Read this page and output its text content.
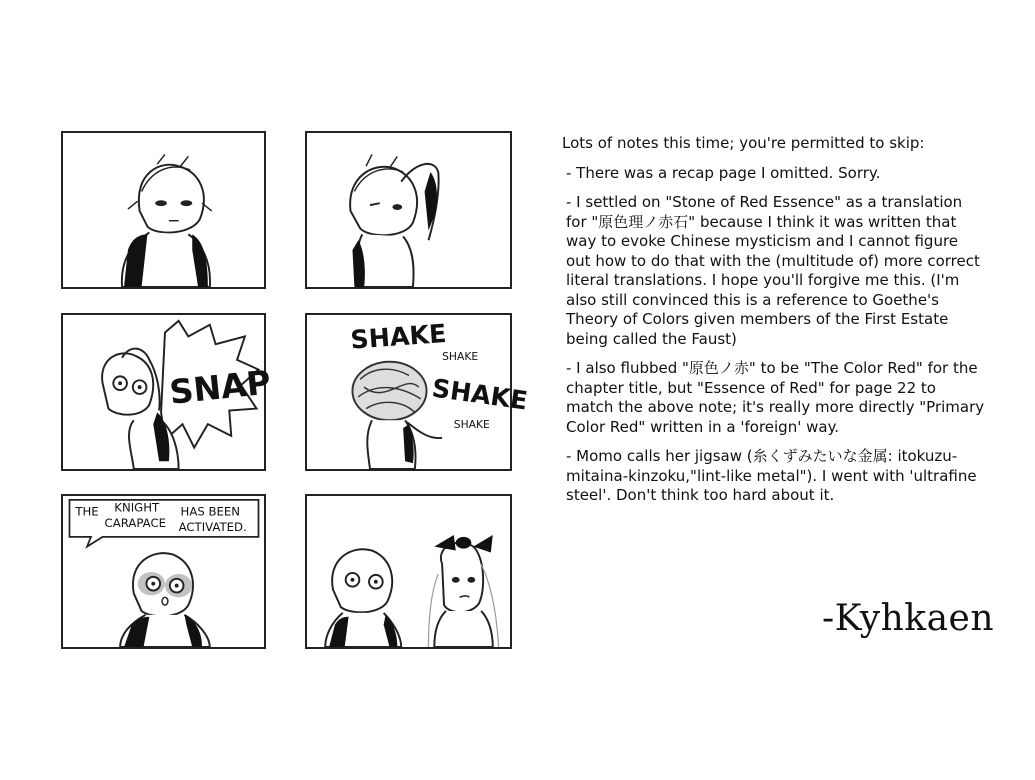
SNAP
SHAKE
SHAKE
SHAKE
SHAKE
THE KNIGHT HAS BEEN
CARAPACE ACTIVATED.

Lots of notes this time; you're permitted to skip:

- There was a recap page I omitted. Sorry.

- I settled on "Stone of Red Essence" as a translation for "原色理ノ赤石" because I think it was written that way to evoke Chinese mysticism and I cannot figure out how to do that with the (multitude of) more correct literal translations. I hope you'll forgive me this. (I'm also still convinced this is a reference to Goethe's Theory of Colors given members of the First Estate being called the Faust)

- I also flubbed "原色ノ赤" to be "The Color Red" for the chapter title, but "Essence of Red" for page 22 to match the above note; it's really more directly "Primary Color Red" written in a 'foreign' way.

- Momo calls her jigsaw (糸くずみたいな金属: itokuzu-mitaina-kinzoku,"lint-like metal"). I went with 'ultrafine steel'. Don't think too hard about it.

-Kyhkaen
